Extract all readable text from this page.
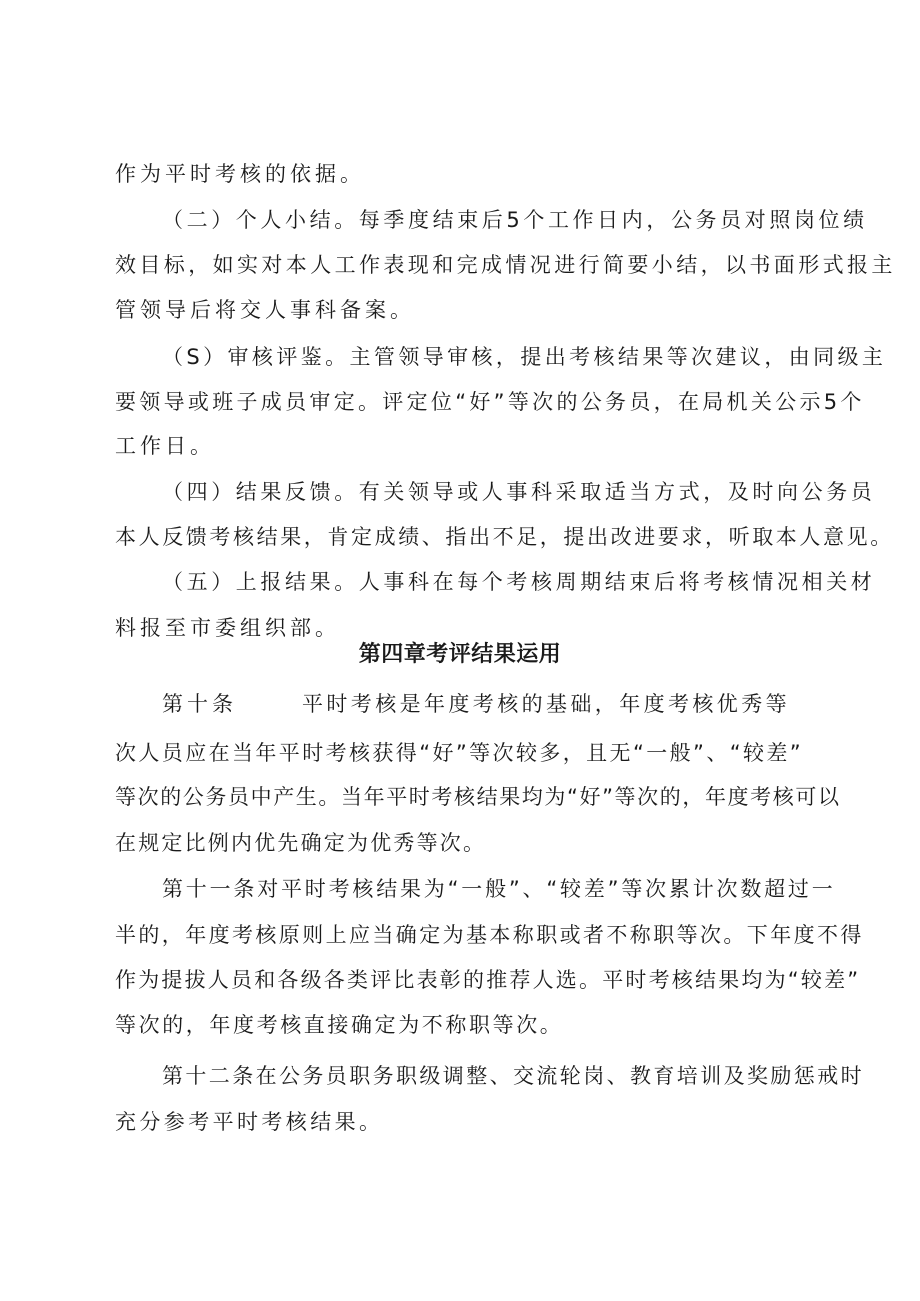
作为平时考核的依据。
（二）个人小结。每季度结束后5个工作日内，公务员对照岗位绩
效目标，如实对本人工作表现和完成情况进行简要小结，以书面形式报主
管领导后将交人事科备案。
（S）审核评鉴。主管领导审核，提出考核结果等次建议，由同级主
要领导或班子成员审定。评定位“好”等次的公务员，在局机关公示5个
工作日。
（四）结果反馈。有关领导或人事科采取适当方式，及时向公务员
本人反馈考核结果，肯定成绩、指出不足，提出改进要求，听取本人意见。
（五）上报结果。人事科在每个考核周期结束后将考核情况相关材
料报至市委组织部。
第四章考评结果运用
第十条	平时考核是年度考核的基础，年度考核优秀等
次人员应在当年平时考核获得“好”等次较多，且无“一般”、“较差”
等次的公务员中产生。当年平时考核结果均为“好”等次的，年度考核可以
在规定比例内优先确定为优秀等次。
第十一条对平时考核结果为“一般”、“较差”等次累计次数超过一
半的，年度考核原则上应当确定为基本称职或者不称职等次。下年度不得
作为提拔人员和各级各类评比表彰的推荐人选。平时考核结果均为“较差”
等次的，年度考核直接确定为不称职等次。
第十二条在公务员职务职级调整、交流轮岗、教育培训及奖励惩戒时
充分参考平时考核结果。
